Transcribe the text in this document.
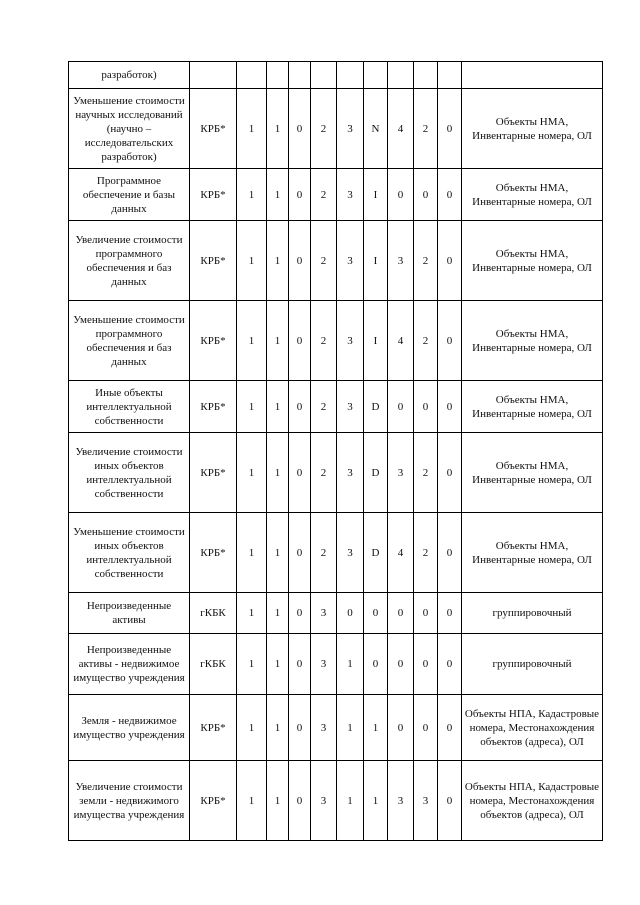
разработок)											
Уменьшение стоимости научных исследований (научно – исследовательских разработок)	КРБ*	1	1	0	2	3	N	4	2	0	Объекты НМА, Инвентарные номера, ОЛ
Программное обеспечение и базы данных	КРБ*	1	1	0	2	3	I	0	0	0	Объекты НМА, Инвентарные номера, ОЛ
Увеличение стоимости программного обеспечения и баз данных	КРБ*	1	1	0	2	3	I	3	2	0	Объекты НМА, Инвентарные номера, ОЛ
Уменьшение стоимости программного обеспечения и баз данных	КРБ*	1	1	0	2	3	I	4	2	0	Объекты НМА, Инвентарные номера, ОЛ
Иные объекты интеллектуальной собственности	КРБ*	1	1	0	2	3	D	0	0	0	Объекты НМА, Инвентарные номера, ОЛ
Увеличение стоимости иных объектов интеллектуальной собственности	КРБ*	1	1	0	2	3	D	3	2	0	Объекты НМА, Инвентарные номера, ОЛ
Уменьшение стоимости иных объектов интеллектуальной собственности	КРБ*	1	1	0	2	3	D	4	2	0	Объекты НМА, Инвентарные номера, ОЛ
Непроизведенные активы	гКБК	1	1	0	3	0	0	0	0	0	группировочный
Непроизведенные активы - недвижимое имущество учреждения	гКБК	1	1	0	3	1	0	0	0	0	группировочный
Земля - недвижимое имущество учреждения	КРБ*	1	1	0	3	1	1	0	0	0	Объекты НПА, Кадастровые номера, Местонахождения объектов (адреса), ОЛ
Увеличение стоимости земли - недвижимого имущества учреждения	КРБ*	1	1	0	3	1	1	3	3	0	Объекты НПА, Кадастровые номера, Местонахождения объектов (адреса), ОЛ
